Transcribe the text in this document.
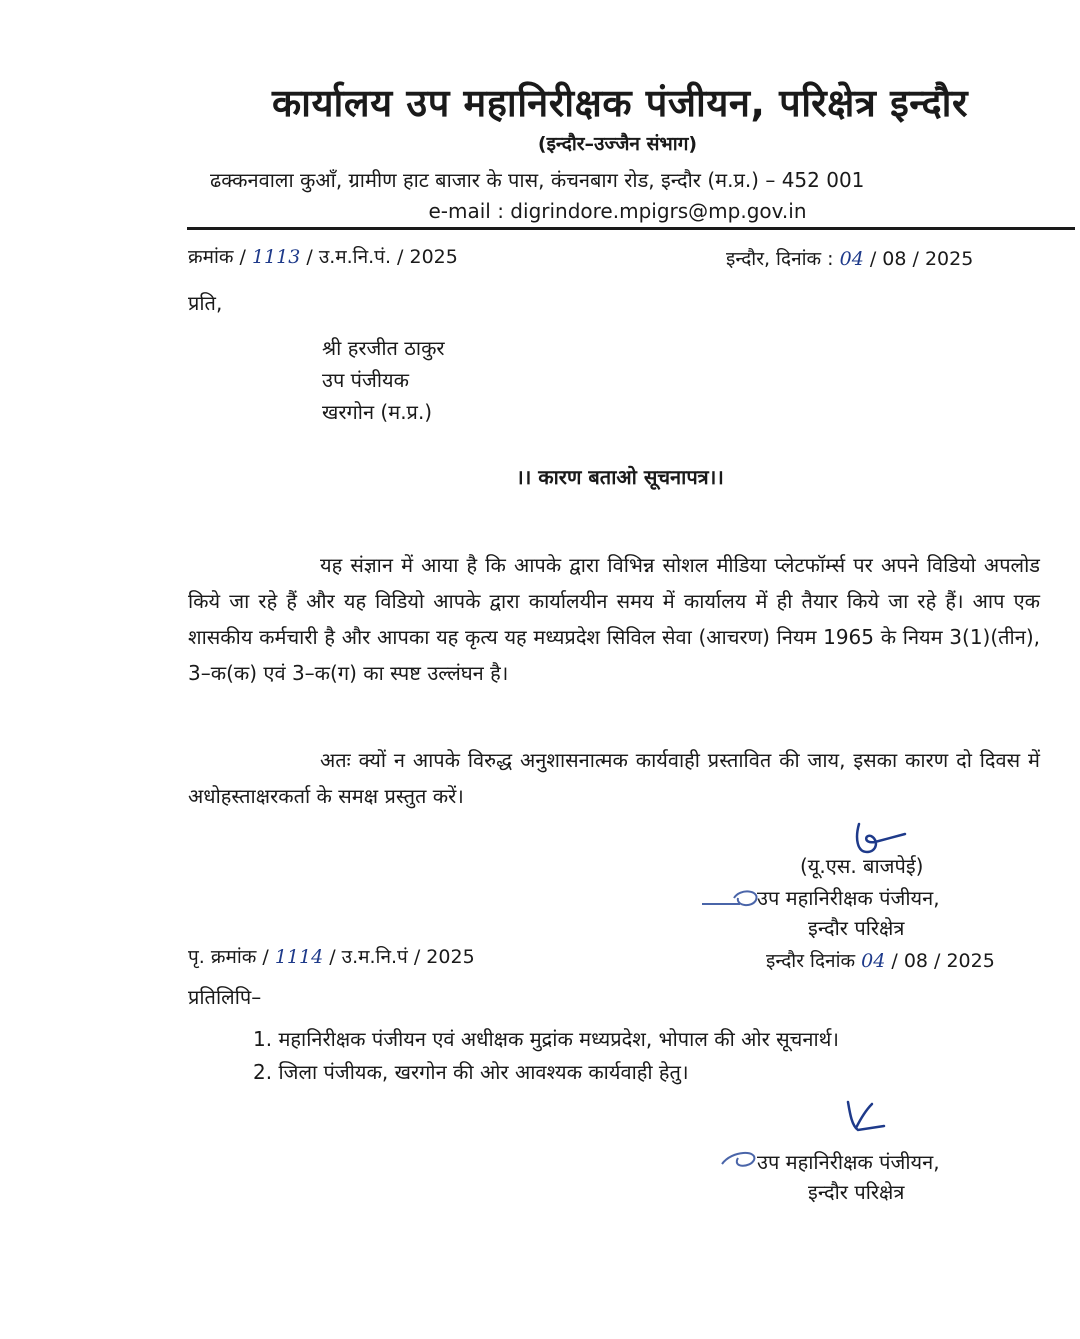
कार्यालय उप महानिरीक्षक पंजीयन, परिक्षेत्र इन्दौर
(इन्दौर–उज्जैन संभाग)
ढक्कनवाला कुआँ, ग्रामीण हाट बाजार के पास, कंचनबाग रोड, इन्दौर (म.प्र.) – 452 001
e-mail : digrindore.mpigrs@mp.gov.in
क्रमांक / 1113 / उ.म.नि.पं. / 2025	इन्दौर, दिनांक : 04 / 08 / 2025
प्रति,
श्री हरजीत ठाकुर
उप पंजीयक
खरगोन (म.प्र.)
।। कारण बताओ सूचनापत्र।।
यह संज्ञान में आया है कि आपके द्वारा विभिन्न सोशल मीडिया प्लेटफॉर्म्स पर अपने विडियो अपलोड किये जा रहे हैं और यह विडियो आपके द्वारा कार्यालयीन समय में कार्यालय में ही तैयार किये जा रहे हैं। आप एक शासकीय कर्मचारी है और आपका यह कृत्य यह मध्यप्रदेश सिविल सेवा (आचरण) नियम 1965 के नियम 3(1)(तीन), 3–क(क) एवं 3–क(ग) का स्पष्ट उल्लंघन है।
अतः क्यों न आपके विरुद्ध अनुशासनात्मक कार्यवाही प्रस्तावित की जाय, इसका कारण दो दिवस में अधोहस्ताक्षरकर्ता के समक्ष प्रस्तुत करें।
(यू.एस. बाजपेई)
उप महानिरीक्षक पंजीयन,
इन्दौर परिक्षेत्र
पृ. क्रमांक / 1114 / उ.म.नि.पं / 2025	इन्दौर दिनांक 04 / 08 / 2025
प्रतिलिपि–
1. महानिरीक्षक पंजीयन एवं अधीक्षक मुद्रांक मध्यप्रदेश, भोपाल की ओर सूचनार्थ।
2. जिला पंजीयक, खरगोन की ओर आवश्यक कार्यवाही हेतु।
उप महानिरीक्षक पंजीयन,
इन्दौर परिक्षेत्र
